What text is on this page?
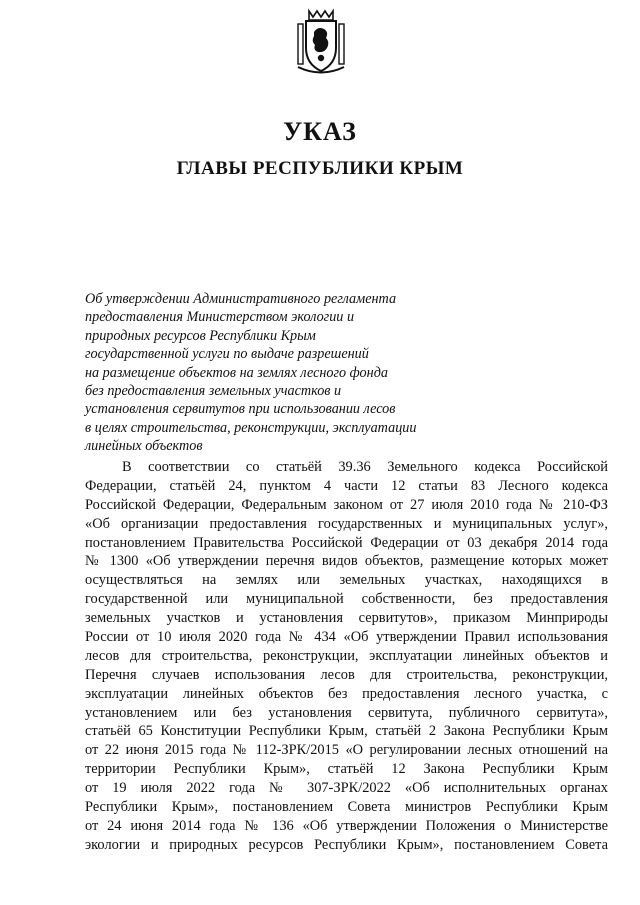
УКАЗ
ГЛАВЫ РЕСПУБЛИКИ КРЫМ
Об утверждении Административного регламента
предоставления Министерством экологии и
природных ресурсов Республики Крым
государственной услуги по выдаче разрешений
на размещение объектов на землях лесного фонда
без предоставления земельных участков и
установления сервитутов при использовании лесов
в целях строительства, реконструкции, эксплуатации
линейных объектов
В соответствии со статьёй 39.36 Земельного кодекса Российской
Федерации, статьёй 24, пунктом 4 части 12 статьи 83 Лесного кодекса
Российской Федерации, Федеральным законом от 27 июля 2010 года № 210-ФЗ
«Об организации предоставления государственных и муниципальных услуг»,
постановлением Правительства Российской Федерации от 03 декабря 2014 года
№ 1300 «Об утверждении перечня видов объектов, размещение которых может
осуществляться на землях или земельных участках, находящихся в
государственной или муниципальной собственности, без предоставления
земельных участков и установления сервитутов», приказом Минприроды
России от 10 июля 2020 года № 434 «Об утверждении Правил использования
лесов для строительства, реконструкции, эксплуатации линейных объектов и
Перечня случаев использования лесов для строительства, реконструкции,
эксплуатации линейных объектов без предоставления лесного участка, с
установлением или без установления сервитута, публичного сервитута»,
статьёй 65 Конституции Республики Крым, статьёй 2 Закона Республики Крым
от 22 июня 2015 года № 112-ЗРК/2015 «О регулировании лесных отношений на
территории Республики Крым», статьёй 12 Закона Республики Крым
от 19 июля 2022 года № 307-ЗРК/2022 «Об исполнительных органах
Республики Крым», постановлением Совета министров Республики Крым
от 24 июня 2014 года № 136 «Об утверждении Положения о Министерстве
экологии и природных ресурсов Республики Крым», постановлением Совета
